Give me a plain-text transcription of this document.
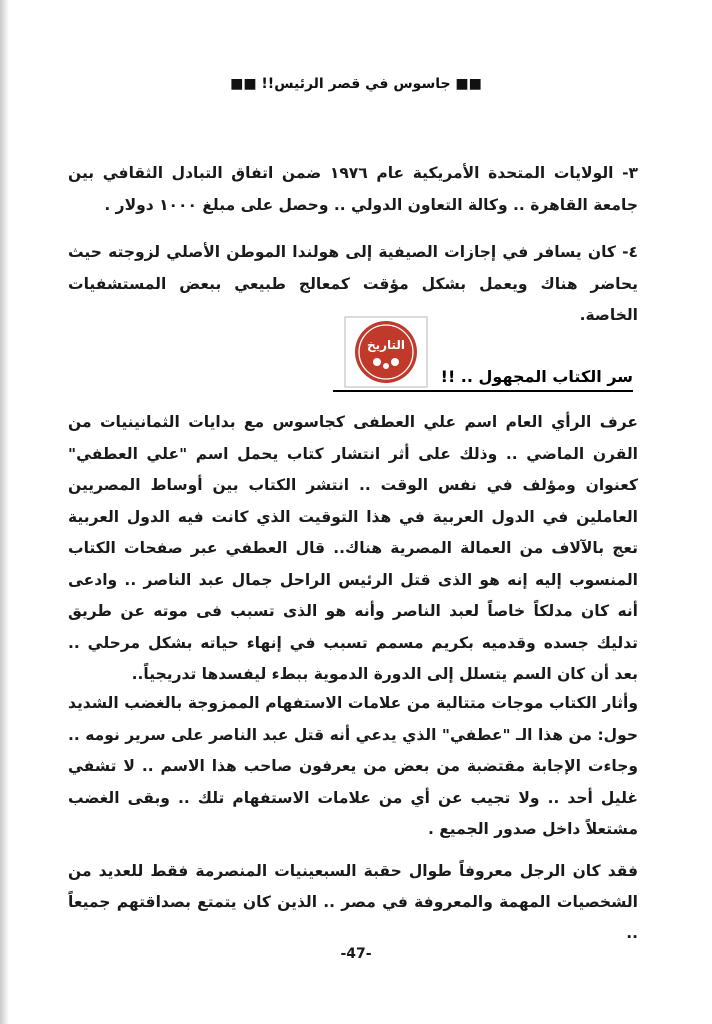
■■ جاسوس في قصر الرئيس!! ■■

٣- الولايات المتحدة الأمريكية عام ١٩٧٦ ضمن اتفاق التبادل الثقافي بين جامعة القاهرة .. وكالة التعاون الدولي .. وحصل على مبلغ ١٠٠٠ دولار .

٤- كان يسافر في إجازات الصيفية إلى هولندا الموطن الأصلي لزوجته حيث يحاضر هناك ويعمل بشكل مؤقت كمعالج طبيعي ببعض المستشفيات الخاصة.

سر الكتاب المجهول .. !!
التاريخ

عرف الرأي العام اسم علي العطفى كجاسوس مع بدايات الثمانينيات من القرن الماضي .. وذلك على أثر انتشار كتاب يحمل اسم "علي العطفي" كعنوان ومؤلف في نفس الوقت .. انتشر الكتاب بين أوساط المصريين العاملين في الدول العربية في هذا التوقيت الذي كانت فيه الدول العربية تعج بالآلاف من العمالة المصرية هناك.. قال العطفي عبر صفحات الكتاب المنسوب إليه إنه هو الذى قتل الرئيس الراحل جمال عبد الناصر .. وادعى أنه كان مدلكاً خاصاً لعبد الناصر وأنه هو الذى تسبب فى موته عن طريق تدليك جسده وقدميه بكريم مسمم تسبب في إنهاء حياته بشكل مرحلي .. بعد أن كان السم يتسلل إلى الدورة الدموية ببطء ليفسدها تدريجياً..

وأثار الكتاب موجات متتالية من علامات الاستفهام الممزوجة بالغضب الشديد حول: من هذا الـ "عطفي" الذي يدعي أنه قتل عبد الناصر على سرير نومه .. وجاءت الإجابة مقتضبة من بعض من يعرفون صاحب هذا الاسم .. لا تشفي غليل أحد .. ولا تجيب عن أي من علامات الاستفهام تلك .. وبقى الغضب مشتعلاً داخل صدور الجميع .

فقد كان الرجل معروفاً طوال حقبة السبعينيات المنصرمة فقط للعديد من الشخصيات المهمة والمعروفة في مصر .. الذين كان يتمتع بصداقتهم جميعاً ..

-47-
